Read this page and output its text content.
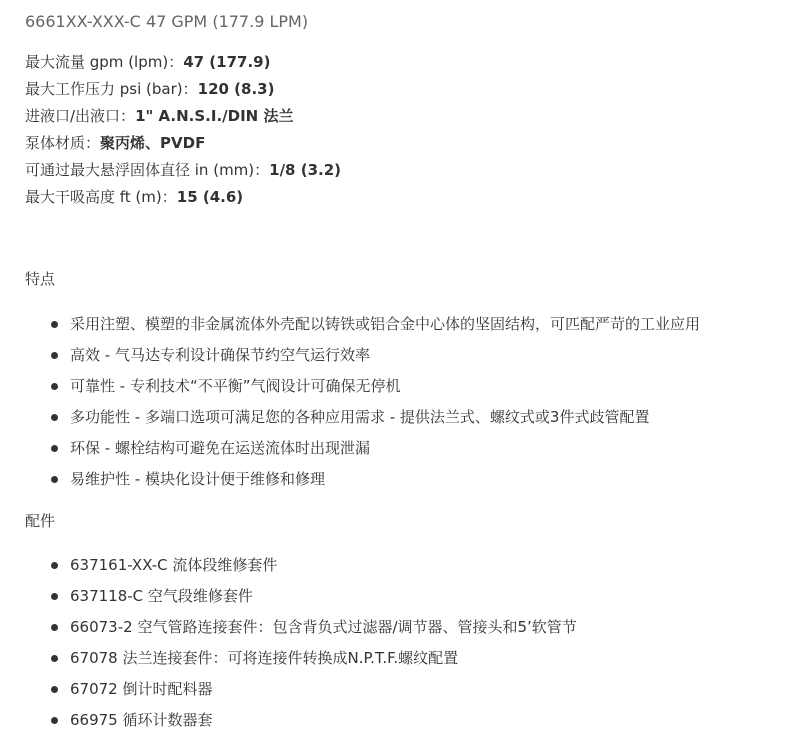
6661XX-XXX-C 47 GPM (177.9 LPM)
最大流量 gpm (lpm)：47 (177.9)
最大工作压力 psi (bar)：120 (8.3)
进液口/出液口：1" A.N.S.I./DIN 法兰
泵体材质：聚丙烯、PVDF
可通过最大悬浮固体直径 in (mm)：1/8 (3.2)
最大干吸高度 ft (m)：15 (4.6)
特点
采用注塑、模塑的非金属流体外壳配以铸铁或铝合金中心体的坚固结构，可匹配严苛的工业应用
高效 - 气马达专利设计确保节约空气运行效率
可靠性 - 专利技术“不平衡”气阀设计可确保无停机
多功能性 - 多端口选项可满足您的各种应用需求 - 提供法兰式、螺纹式或3件式歧管配置
环保 - 螺栓结构可避免在运送流体时出现泄漏
易维护性 - 模块化设计便于维修和修理
配件
637161-XX-C 流体段维修套件
637118-C 空气段维修套件
66073-2 空气管路连接套件：包含背负式过滤器/调节器、管接头和5’软管节
67078 法兰连接套件：可将连接件转换成N.P.T.F.螺纹配置
67072 倒计时配料器
66975 循环计数器套
